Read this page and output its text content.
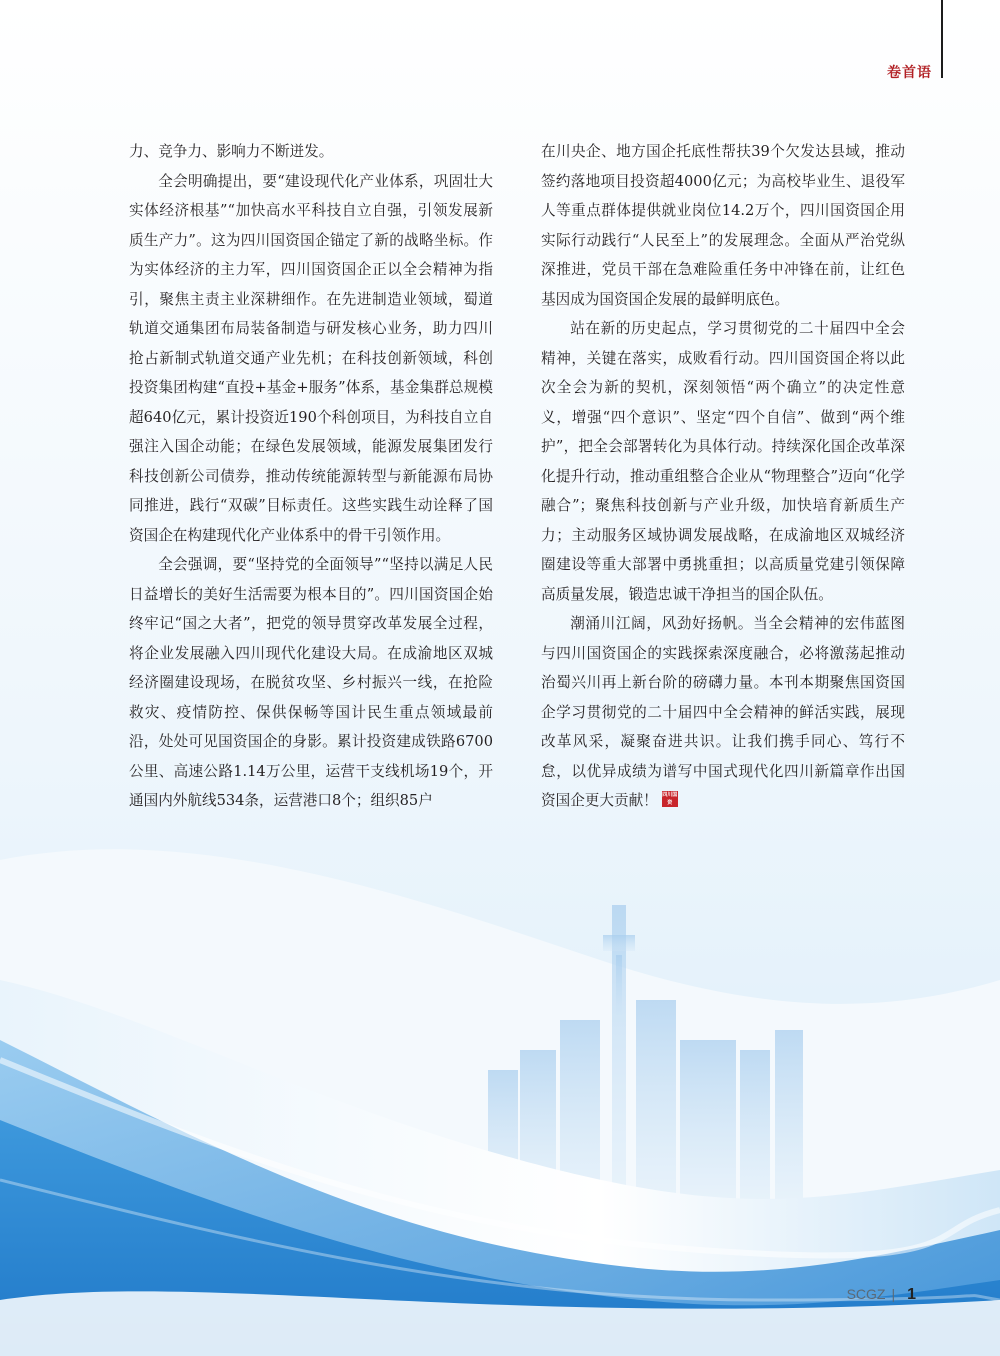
卷首语

力、竞争力、影响力不断迸发。

全会明确提出，要“建设现代化产业体系，巩固壮大实体经济根基”“加快高水平科技自立自强，引领发展新质生产力”。这为四川国资国企锚定了新的战略坐标。作为实体经济的主力军，四川国资国企正以全会精神为指引，聚焦主责主业深耕细作。在先进制造业领域，蜀道轨道交通集团布局装备制造与研发核心业务，助力四川抢占新制式轨道交通产业先机；在科技创新领域，科创投资集团构建“直投+基金+服务”体系，基金集群总规模超640亿元，累计投资近190个科创项目，为科技自立自强注入国企动能；在绿色发展领域，能源发展集团发行科技创新公司债券，推动传统能源转型与新能源布局协同推进，践行“双碳”目标责任。这些实践生动诠释了国资国企在构建现代化产业体系中的骨干引领作用。

全会强调，要“坚持党的全面领导”“坚持以满足人民日益增长的美好生活需要为根本目的”。四川国资国企始终牢记“国之大者”，把党的领导贯穿改革发展全过程，将企业发展融入四川现代化建设大局。在成渝地区双城经济圈建设现场，在脱贫攻坚、乡村振兴一线，在抢险救灾、疫情防控、保供保畅等国计民生重点领域最前沿，处处可见国资国企的身影。累计投资建成铁路6700公里、高速公路1.14万公里，运营干支线机场19个，开通国内外航线534条，运营港口8个；组织85户

在川央企、地方国企托底性帮扶39个欠发达县域，推动签约落地项目投资超4000亿元；为高校毕业生、退役军人等重点群体提供就业岗位14.2万个，四川国资国企用实际行动践行“人民至上”的发展理念。全面从严治党纵深推进，党员干部在急难险重任务中冲锋在前，让红色基因成为国资国企发展的最鲜明底色。

站在新的历史起点，学习贯彻党的二十届四中全会精神，关键在落实，成败看行动。四川国资国企将以此次全会为新的契机，深刻领悟“两个确立”的决定性意义，增强“四个意识”、坚定“四个自信”、做到“两个维护”，把全会部署转化为具体行动。持续深化国企改革深化提升行动，推动重组整合企业从“物理整合”迈向“化学融合”；聚焦科技创新与产业升级，加快培育新质生产力；主动服务区域协调发展战略，在成渝地区双城经济圈建设等重大部署中勇挑重担；以高质量党建引领保障高质量发展，锻造忠诚干净担当的国企队伍。

潮涌川江阔，风劲好扬帆。当全会精神的宏伟蓝图与四川国资国企的实践探索深度融合，必将激荡起推动治蜀兴川再上新台阶的磅礴力量。本刊本期聚焦国资国企学习贯彻党的二十届四中全会精神的鲜活实践，展现改革风采，凝聚奋进共识。让我们携手同心、笃行不怠，以优异成绩为谱写中国式现代化四川新篇章作出国资国企更大贡献！ 四川国资

SCGZ | 1
